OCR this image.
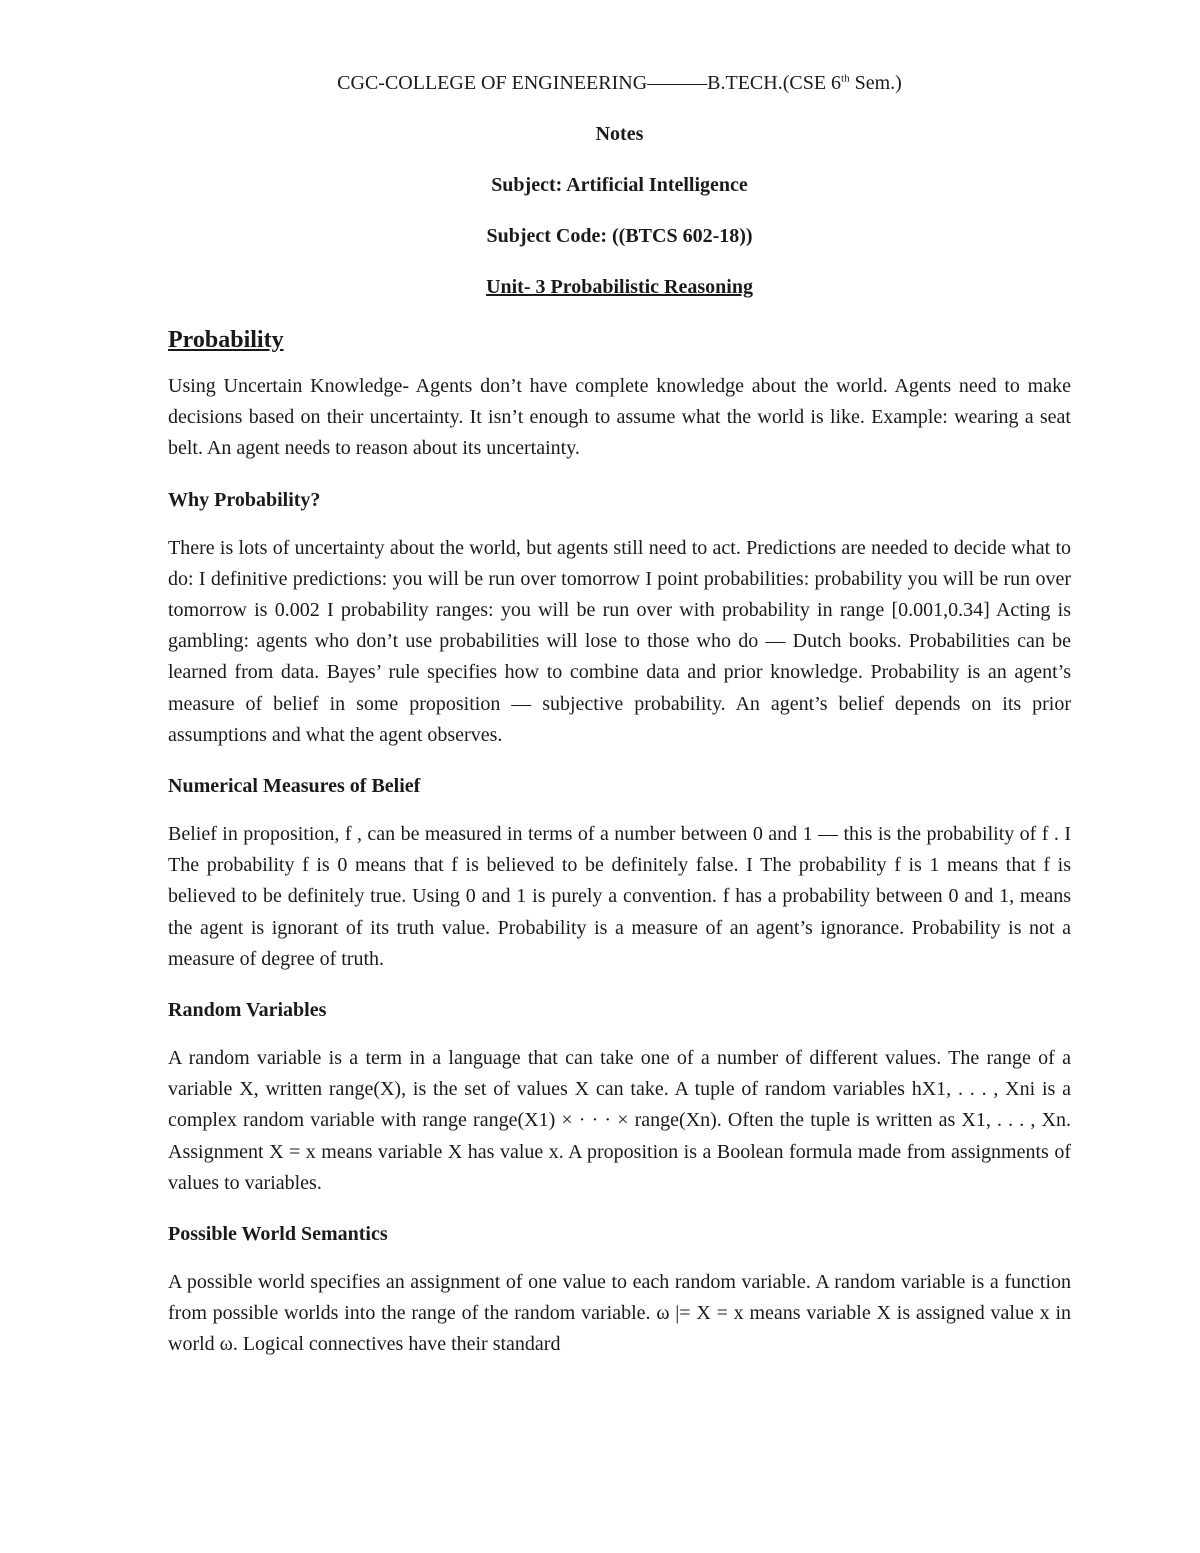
CGC-COLLEGE OF ENGINEERING––––––B.TECH.(CSE 6th Sem.)
Notes
Subject: Artificial Intelligence
Subject Code: ((BTCS 602-18))
Unit- 3 Probabilistic Reasoning
Probability

Using Uncertain Knowledge- Agents don’t have complete knowledge about the world. Agents need to make decisions based on their uncertainty. It isn’t enough to assume what the world is like. Example: wearing a seat belt. An agent needs to reason about its uncertainty.

Why Probability?

There is lots of uncertainty about the world, but agents still need to act. Predictions are needed to decide what to do: I definitive predictions: you will be run over tomorrow I point probabilities: probability you will be run over tomorrow is 0.002 I probability ranges: you will be run over with probability in range [0.001,0.34] Acting is gambling: agents who don’t use probabilities will lose to those who do — Dutch books. Probabilities can be learned from data. Bayes’ rule specifies how to combine data and prior knowledge. Probability is an agent’s measure of belief in some proposition — subjective probability. An agent’s belief depends on its prior assumptions and what the agent observes.

Numerical Measures of Belief

Belief in proposition, f , can be measured in terms of a number between 0 and 1 — this is the probability of f . I The probability f is 0 means that f is believed to be definitely false. I The probability f is 1 means that f is believed to be definitely true. Using 0 and 1 is purely a convention. f has a probability between 0 and 1, means the agent is ignorant of its truth value. Probability is a measure of an agent’s ignorance. Probability is not a measure of degree of truth.

Random Variables

A random variable is a term in a language that can take one of a number of different values. The range of a variable X, written range(X), is the set of values X can take. A tuple of random variables hX1, . . . , Xni is a complex random variable with range range(X1) × · · · × range(Xn). Often the tuple is written as X1, . . . , Xn. Assignment X = x means variable X has value x. A proposition is a Boolean formula made from assignments of values to variables.

Possible World Semantics

A possible world specifies an assignment of one value to each random variable. A random variable is a function from possible worlds into the range of the random variable. ω |= X = x means variable X is assigned value x in world ω. Logical connectives have their standard
